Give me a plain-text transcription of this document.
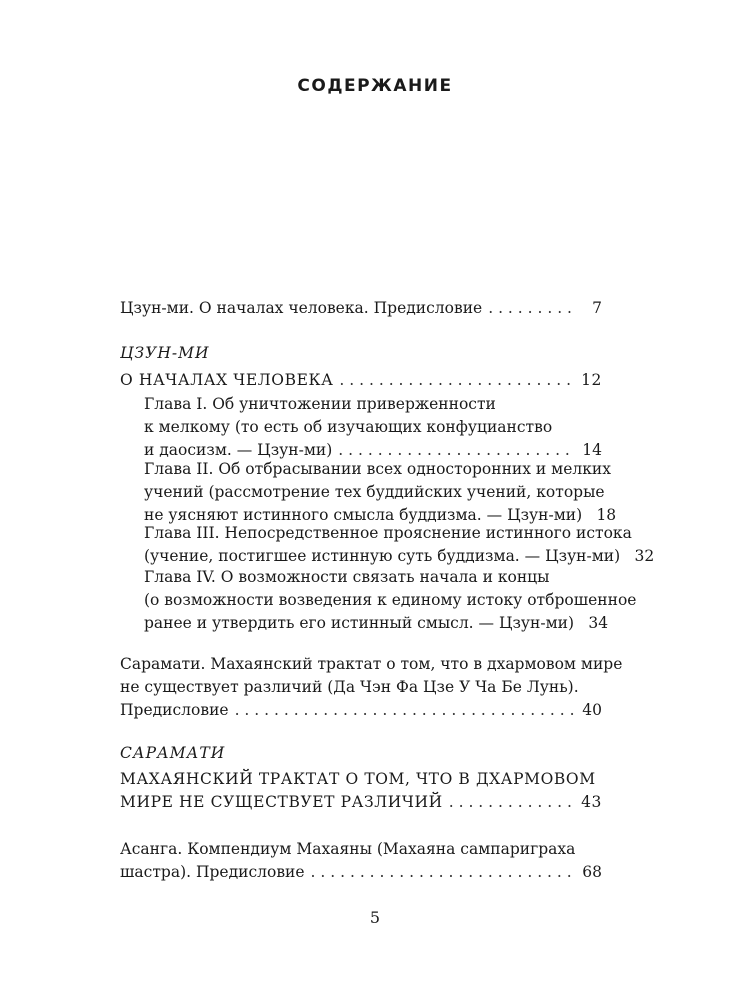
СОДЕРЖАНИЕ
Цзун-ми. О началах человека. Предисловие . . .	7
ЦЗУН-МИ
О НАЧАЛАХ ЧЕЛОВЕКА . . .	12
Глава I. Об уничтожении приверженности
к мелкому (то есть об изучающих конфуцианство
и даосизм. — Цзун-ми) . . .	14
Глава II. Об отбрасывании всех односторонних и мелких
учений (рассмотрение тех буддийских учений, которые
не уясняют истинного смысла буддизма. — Цзун-ми) 18
Глава III. Непосредственное прояснение истинного истока
(учение, постигшее истинную суть буддизма. — Цзун-ми) 32
Глава IV. О возможности связать начала и концы
(о возможности возведения к единому истоку отброшенное
ранее и утвердить его истинный смысл. — Цзун-ми) 34
Сарамати. Махаянский трактат о том, что в дхармовом мире
не существует различий (Да Чэн Фа Цзе У Ча Бе Лунь).
Предисловие . . .	40
САРАМАТИ
МАХАЯНСКИЙ ТРАКТАТ О ТОМ, ЧТО В ДХАРМОВОМ
МИРЕ НЕ СУЩЕСТВУЕТ РАЗЛИЧИЙ . . .	43
Асанга. Компендиум Махаяны (Махаяна сампариграха
шастра). Предисловие . . .	68
5
